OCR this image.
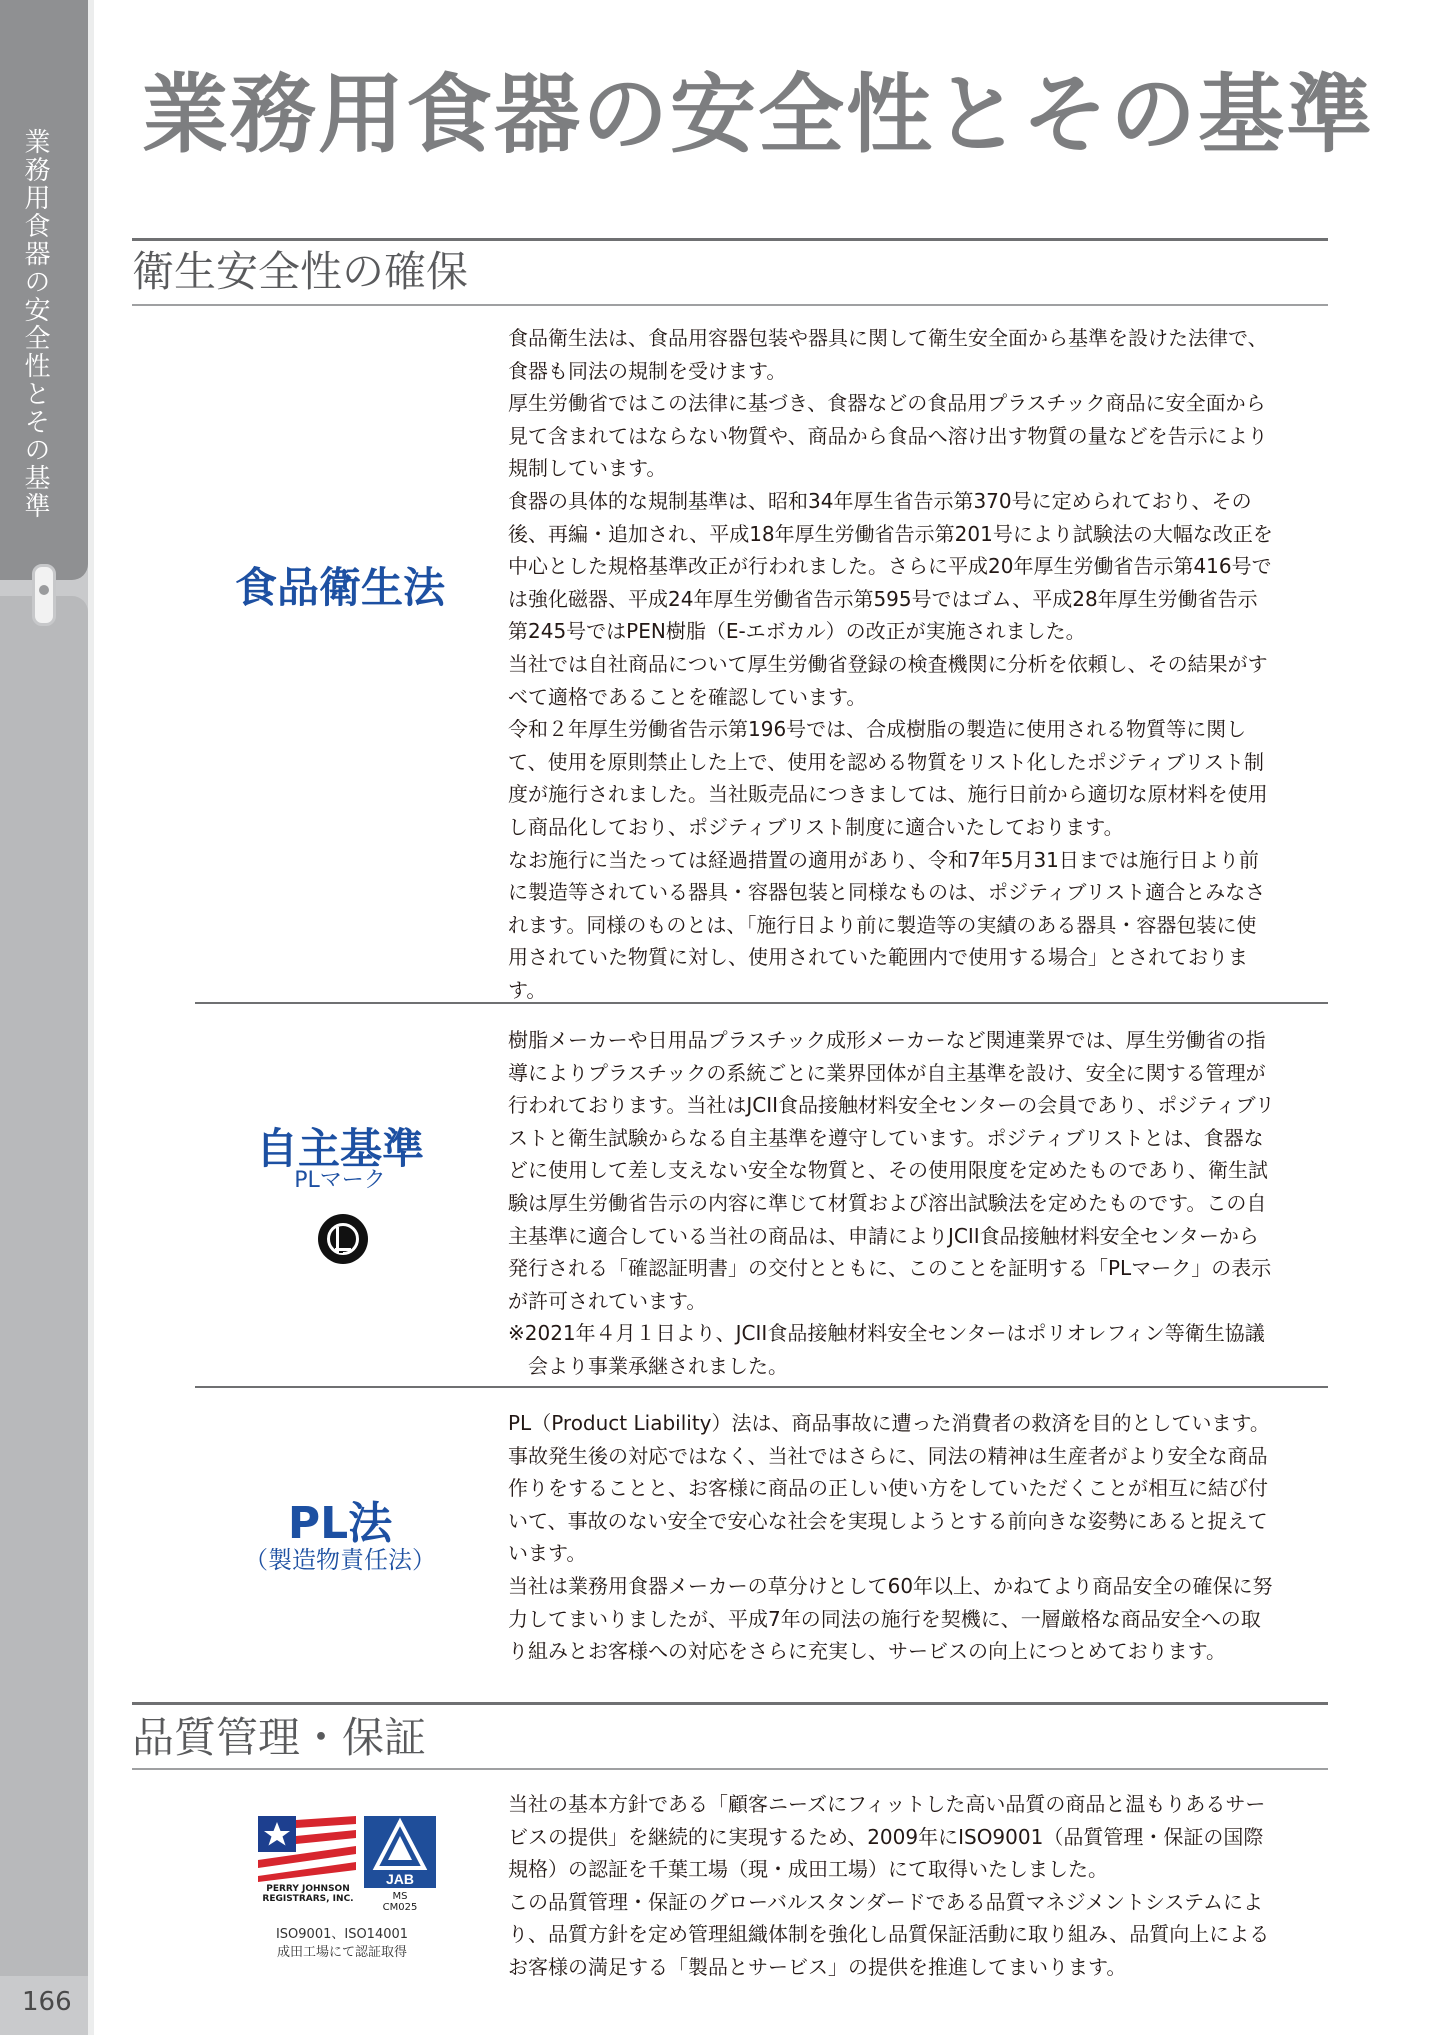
業務用食器の安全性とその基準
166
業務用食器の安全性とその基準
衛生安全性の確保
食品衛生法

食品衛生法は、食品用容器包装や器具に関して衛生安全面から基準を設けた法律で、食器も同法の規制を受けます。

厚生労働省ではこの法律に基づき、食器などの食品用プラスチック商品に安全面から見て含まれてはならない物質や、商品から食品へ溶け出す物質の量などを告示により規制しています。

食器の具体的な規制基準は、昭和34年厚生省告示第370号に定められており、その後、再編・追加され、平成18年厚生労働省告示第201号により試験法の大幅な改正を中心とした規格基準改正が行われました。さらに平成20年厚生労働省告示第416号では強化磁器、平成24年厚生労働省告示第595号ではゴム、平成28年厚生労働省告示第245号ではPEN樹脂（E-エボカル）の改正が実施されました。

当社では自社商品について厚生労働省登録の検査機関に分析を依頼し、その結果がすべて適格であることを確認しています。

令和２年厚生労働省告示第196号では、合成樹脂の製造に使用される物質等に関して、使用を原則禁止した上で、使用を認める物質をリスト化したポジティブリスト制度が施行されました。当社販売品につきましては、施行日前から適切な原材料を使用し商品化しており、ポジティブリスト制度に適合いたしております。

なお施行に当たっては経過措置の適用があり、令和7年5月31日までは施行日より前に製造等されている器具・容器包装と同様なものは、ポジティブリスト適合とみなされます。同様のものとは、「施行日より前に製造等の実績のある器具・容器包装に使用されていた物質に対し、使用されていた範囲内で使用する場合」とされております。

自主基準
PLマーク

樹脂メーカーや日用品プラスチック成形メーカーなど関連業界では、厚生労働省の指導によりプラスチックの系統ごとに業界団体が自主基準を設け、安全に関する管理が行われております。当社はJCII食品接触材料安全センターの会員であり、ポジティブリストと衛生試験からなる自主基準を遵守しています。ポジティブリストとは、食器などに使用して差し支えない安全な物質と、その使用限度を定めたものであり、衛生試験は厚生労働省告示の内容に準じて材質および溶出試験法を定めたものです。この自主基準に適合している当社の商品は、申請によりJCII食品接触材料安全センターから発行される「確認証明書」の交付とともに、このことを証明する「PLマーク」の表示が許可されています。

※2021年４月１日より、JCII食品接触材料安全センターはポリオレフィン等衛生協議会より事業承継されました。

PL法
（製造物責任法）

PL（Product Liability）法は、商品事故に遭った消費者の救済を目的としています。事故発生後の対応ではなく、当社ではさらに、同法の精神は生産者がより安全な商品作りをすることと、お客様に商品の正しい使い方をしていただくことが相互に結び付いて、事故のない安全で安心な社会を実現しようとする前向きな姿勢にあると捉えています。

当社は業務用食器メーカーの草分けとして60年以上、かねてより商品安全の確保に努力してまいりましたが、平成7年の同法の施行を契機に、一層厳格な商品安全への取り組みとお客様への対応をさらに充実し、サービスの向上につとめております。

品質管理・保証
PERRY JOHNSON
REGISTRARS, INC.
JAB
MS
CM025
ISO9001、ISO14001
成田工場にて認証取得

当社の基本方針である「顧客ニーズにフィットした高い品質の商品と温もりあるサービスの提供」を継続的に実現するため、2009年にISO9001（品質管理・保証の国際規格）の認証を千葉工場（現・成田工場）にて取得いたしました。

この品質管理・保証のグローバルスタンダードである品質マネジメントシステムにより、品質方針を定め管理組織体制を強化し品質保証活動に取り組み、品質向上によるお客様の満足する「製品とサービス」の提供を推進してまいります。
